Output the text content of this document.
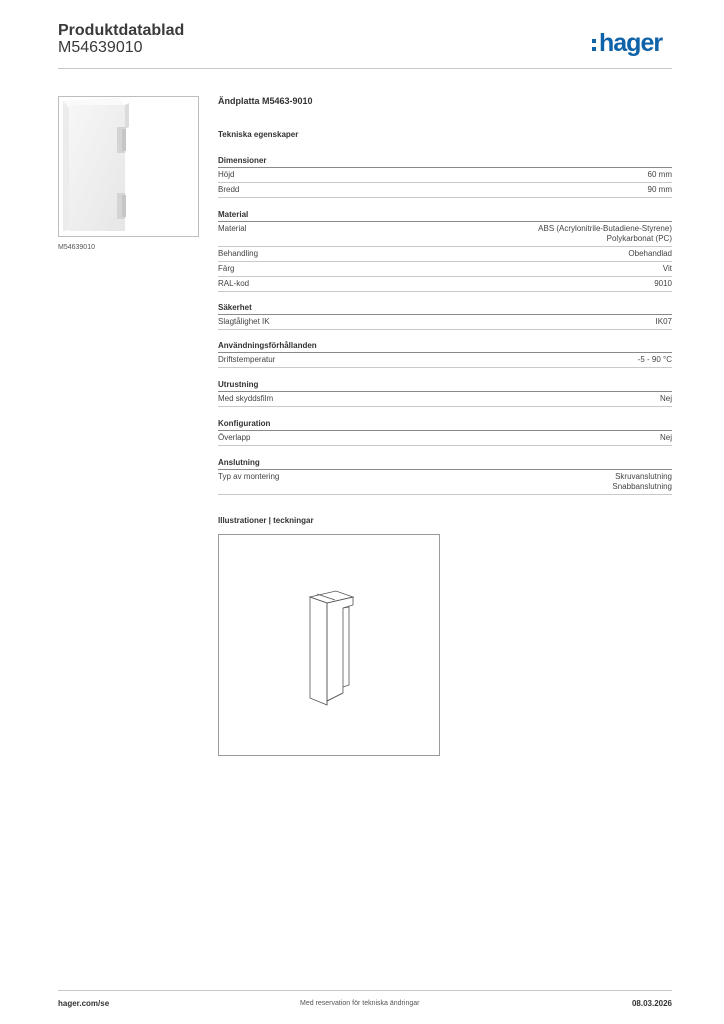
Produktdatablad
M54639010	hager
M54639010
Ändplatta M5463-9010
Tekniska egenskaper
Dimensioner
Höjd	60 mm
Bredd	90 mm
Material
Material	ABS (Acrylonitrile-Butadiene-Styrene)
Polykarbonat (PC)
Behandling	Obehandlad
Färg	Vit
RAL-kod	9010
Säkerhet
Slagtålighet IK	IK07
Användningsförhållanden
Driftstemperatur	-5 - 90 °C
Utrustning
Med skyddsfilm	Nej
Konfiguration
Överlapp	Nej
Anslutning
Typ av montering	Skruvanslutning
Snabbanslutning
Illustrationer | teckningar
hager.com/se	Med reservation för tekniska ändringar	08.03.2026
